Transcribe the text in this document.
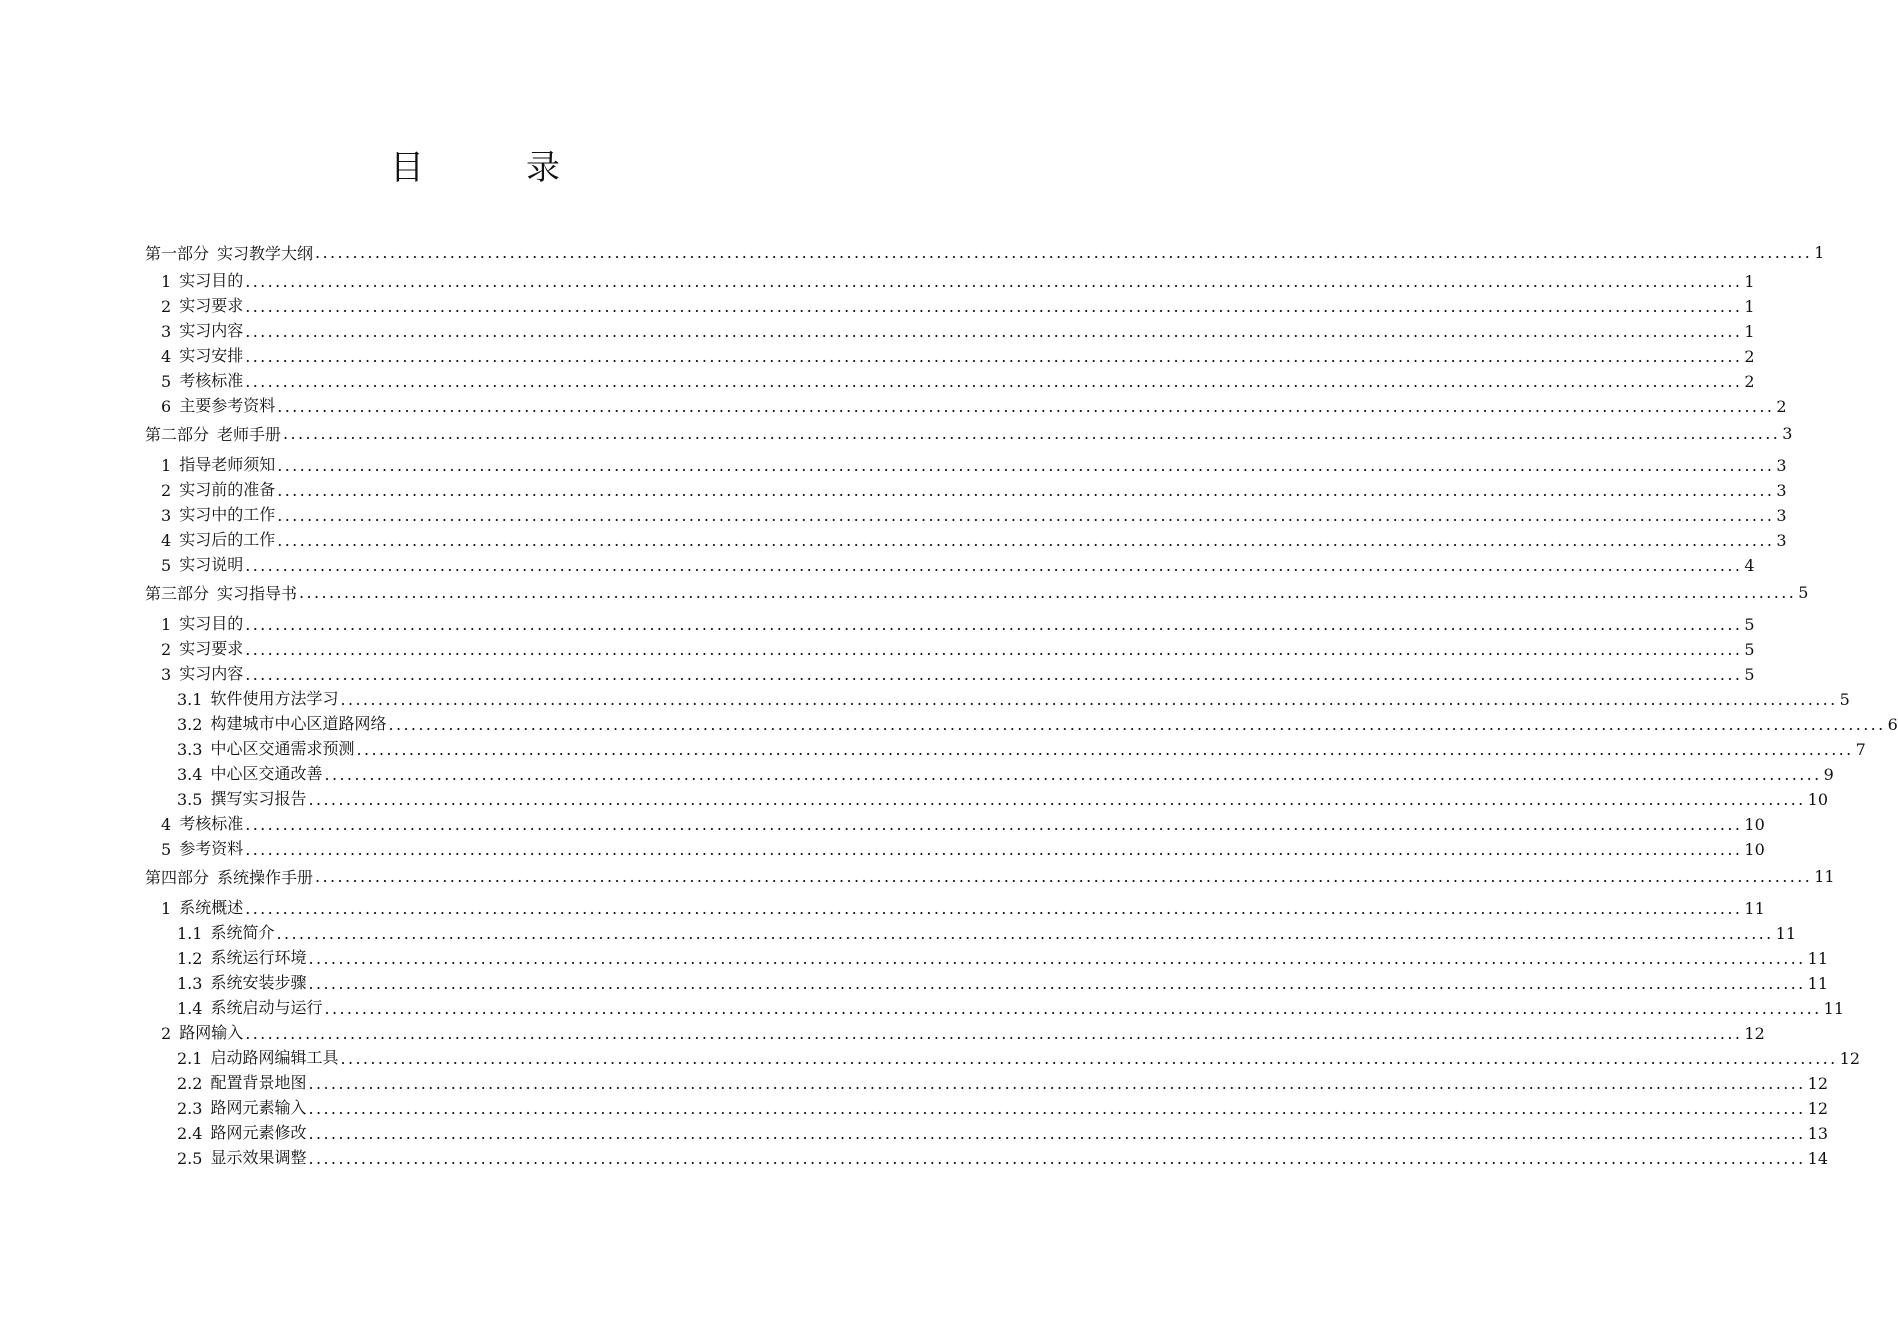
目　录
第一部分 实习教学大纲 ........................................................................................................................................................................................................ 1
1 实习目的 ........................................................................................................................................................................................................ 1
2 实习要求 ........................................................................................................................................................................................................ 1
3 实习内容 ........................................................................................................................................................................................................ 1
4 实习安排 ........................................................................................................................................................................................................ 2
5 考核标准 ........................................................................................................................................................................................................ 2
6 主要参考资料 ........................................................................................................................................................................................................ 2
第二部分 老师手册 ........................................................................................................................................................................................................ 3
1 指导老师须知 ........................................................................................................................................................................................................ 3
2 实习前的准备 ........................................................................................................................................................................................................ 3
3 实习中的工作 ........................................................................................................................................................................................................ 3
4 实习后的工作 ........................................................................................................................................................................................................ 3
5 实习说明 ........................................................................................................................................................................................................ 4
第三部分 实习指导书 ........................................................................................................................................................................................................ 5
1 实习目的 ........................................................................................................................................................................................................ 5
2 实习要求 ........................................................................................................................................................................................................ 5
3 实习内容 ........................................................................................................................................................................................................ 5
3.1 软件使用方法学习 ........................................................................................................................................................................................................ 5
3.2 构建城市中心区道路网络 ........................................................................................................................................................................................................ 6
3.3 中心区交通需求预测 ........................................................................................................................................................................................................ 7
3.4 中心区交通改善 ........................................................................................................................................................................................................ 9
3.5 撰写实习报告 ........................................................................................................................................................................................................ 10
4 考核标准 ........................................................................................................................................................................................................ 10
5 参考资料 ........................................................................................................................................................................................................ 10
第四部分 系统操作手册 ........................................................................................................................................................................................................ 11
1 系统概述 ........................................................................................................................................................................................................ 11
1.1 系统简介 ........................................................................................................................................................................................................ 11
1.2 系统运行环境 ........................................................................................................................................................................................................ 11
1.3 系统安装步骤 ........................................................................................................................................................................................................ 11
1.4 系统启动与运行 ........................................................................................................................................................................................................ 11
2 路网输入 ........................................................................................................................................................................................................ 12
2.1 启动路网编辑工具 ........................................................................................................................................................................................................ 12
2.2 配置背景地图 ........................................................................................................................................................................................................ 12
2.3 路网元素输入 ........................................................................................................................................................................................................ 12
2.4 路网元素修改 ........................................................................................................................................................................................................ 13
2.5 显示效果调整 ........................................................................................................................................................................................................ 14
